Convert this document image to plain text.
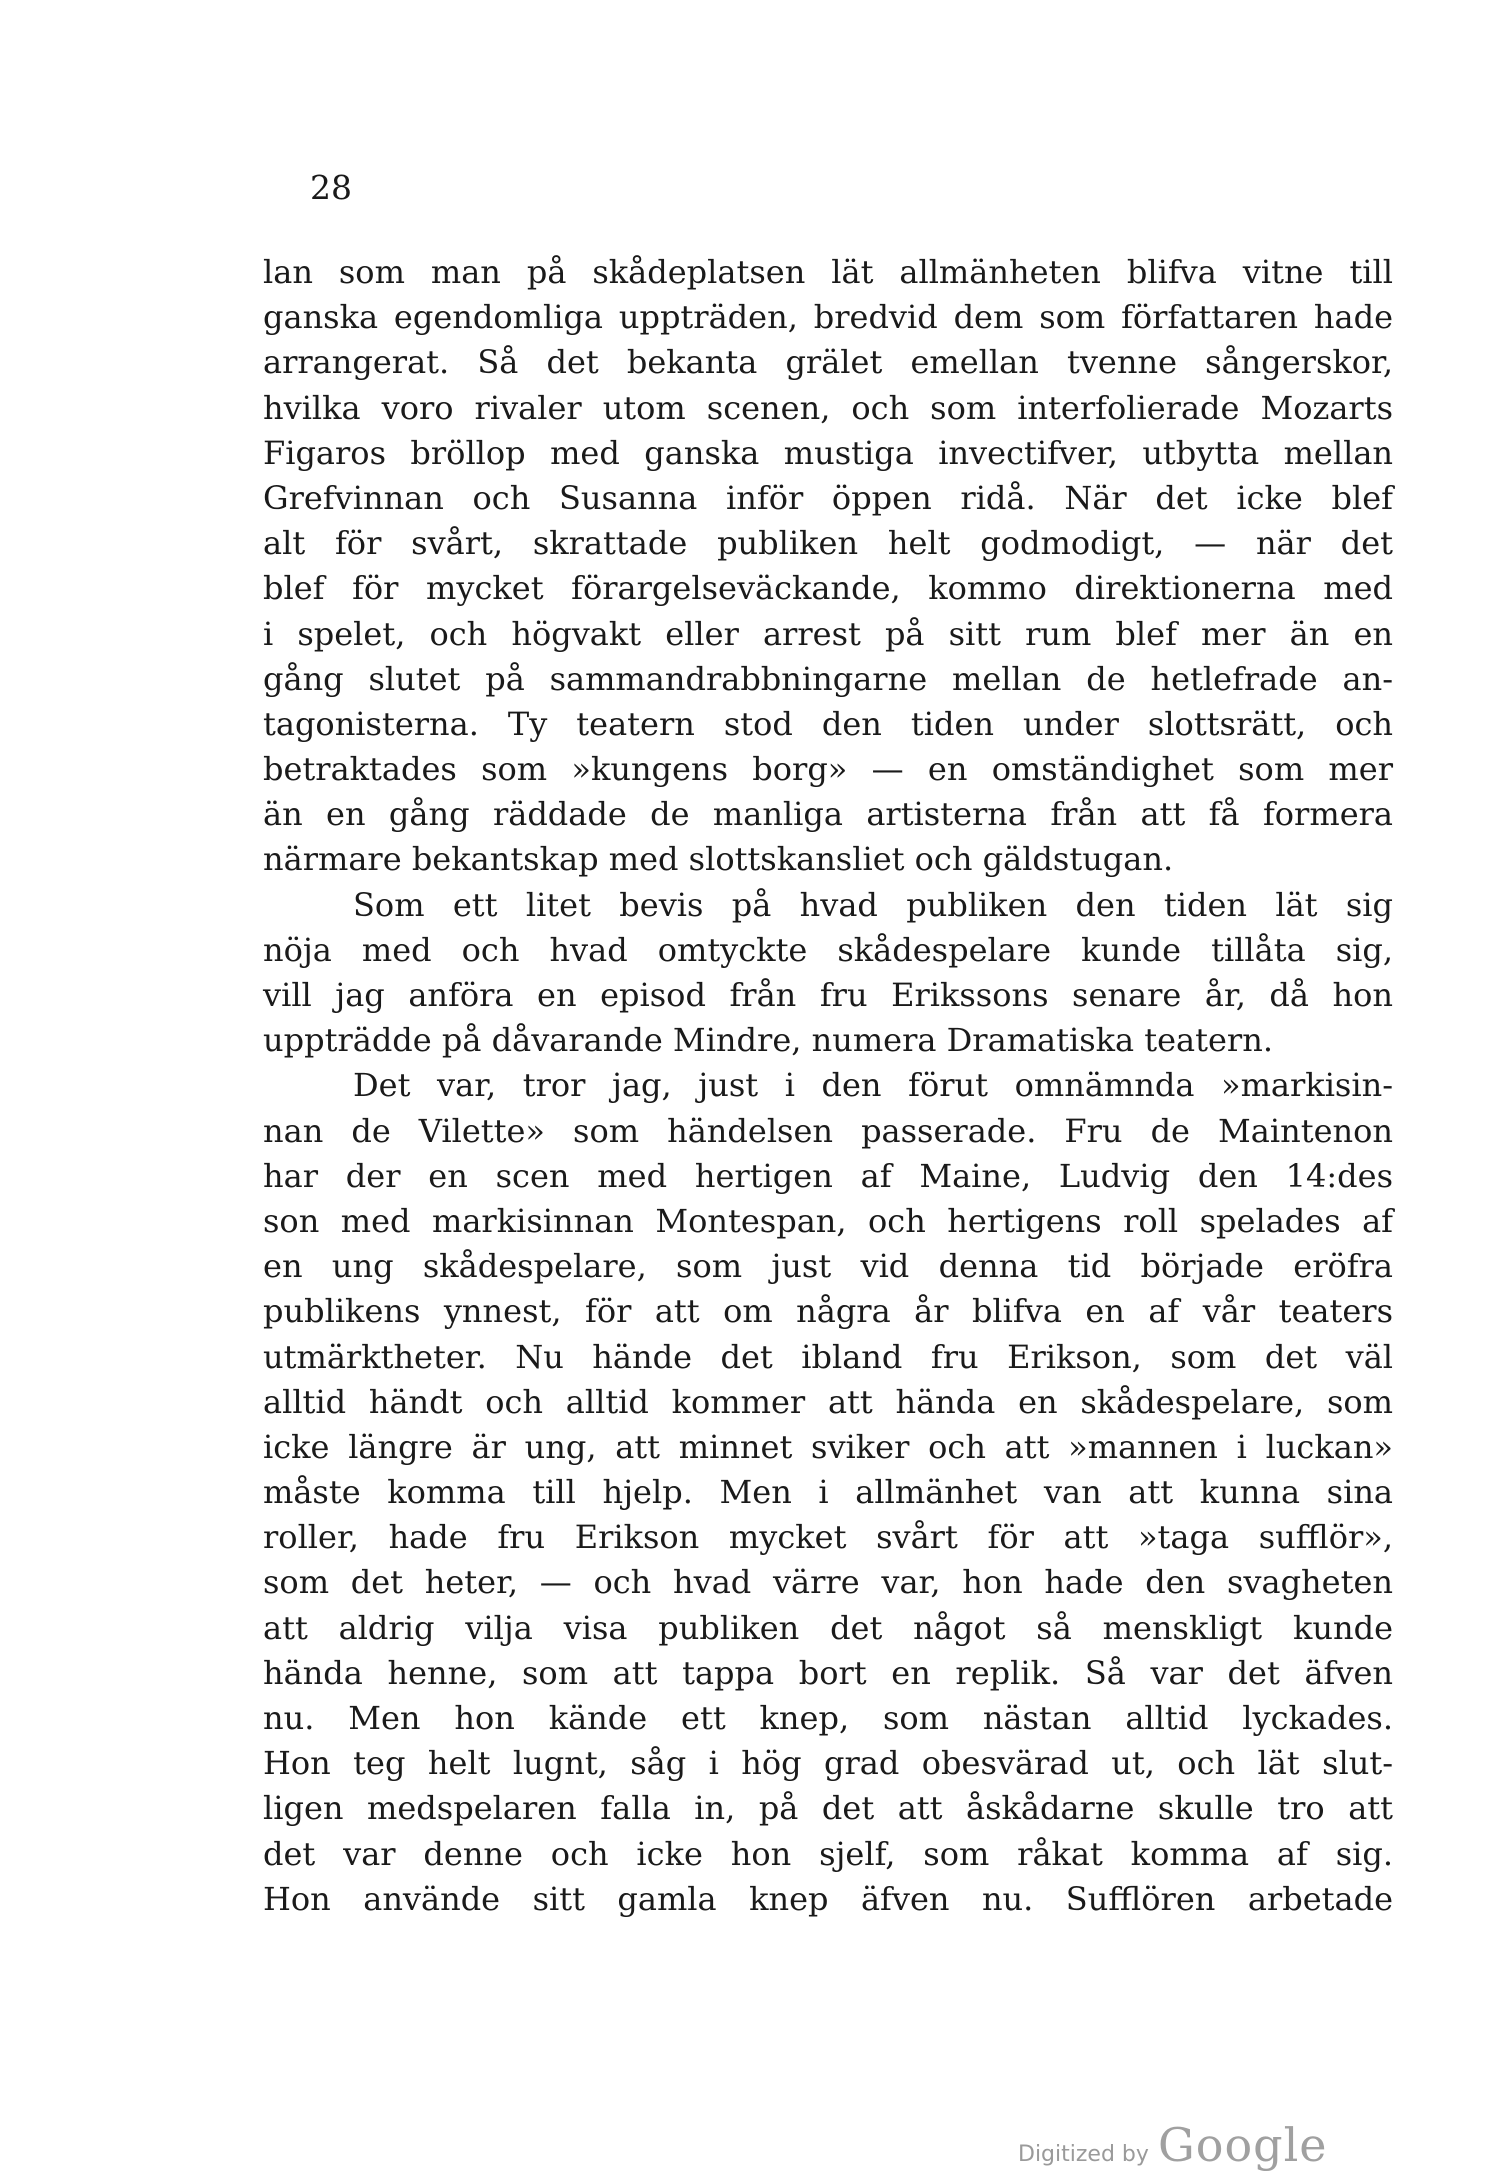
28
lan som man på skådeplatsen lät allmänheten blifva vitne till
ganska egendomliga uppträden, bredvid dem som författaren hade
arrangerat. Så det bekanta grälet emellan tvenne sångerskor,
hvilka voro rivaler utom scenen, och som interfolierade Mozarts
Figaros bröllop med ganska mustiga invectifver, utbytta mellan
Grefvinnan och Susanna inför öppen ridå. När det icke blef
alt för svårt, skrattade publiken helt godmodigt, — när det
blef för mycket förargelseväckande, kommo direktionerna med
i spelet, och högvakt eller arrest på sitt rum blef mer än en
gång slutet på sammandrabbningarne mellan de hetlefrade an-
tagonisterna. Ty teatern stod den tiden under slottsrätt, och
betraktades som »kungens borg» — en omständighet som mer
än en gång räddade de manliga artisterna från att få formera
närmare bekantskap med slottskansliet och gäldstugan.
Som ett litet bevis på hvad publiken den tiden lät sig
nöja med och hvad omtyckte skådespelare kunde tillåta sig,
vill jag anföra en episod från fru Erikssons senare år, då hon
uppträdde på dåvarande Mindre, numera Dramatiska teatern.
Det var, tror jag, just i den förut omnämnda »markisin-
nan de Vilette» som händelsen passerade. Fru de Maintenon
har der en scen med hertigen af Maine, Ludvig den 14:des
son med markisinnan Montespan, och hertigens roll spelades af
en ung skådespelare, som just vid denna tid började eröfra
publikens ynnest, för att om några år blifva en af vår teaters
utmärktheter. Nu hände det ibland fru Erikson, som det väl
alltid händt och alltid kommer att hända en skådespelare, som
icke längre är ung, att minnet sviker och att »mannen i luckan»
måste komma till hjelp. Men i allmänhet van att kunna sina
roller, hade fru Erikson mycket svårt för att »taga sufflör»,
som det heter, — och hvad värre var, hon hade den svagheten
att aldrig vilja visa publiken det något så menskligt kunde
hända henne, som att tappa bort en replik. Så var det äfven
nu. Men hon kände ett knep, som nästan alltid lyckades.
Hon teg helt lugnt, såg i hög grad obesvärad ut, och lät slut-
ligen medspelaren falla in, på det att åskådarne skulle tro att
det var denne och icke hon sjelf, som råkat komma af sig.
Hon använde sitt gamla knep äfven nu. Sufflören arbetade
Digitized by Google
